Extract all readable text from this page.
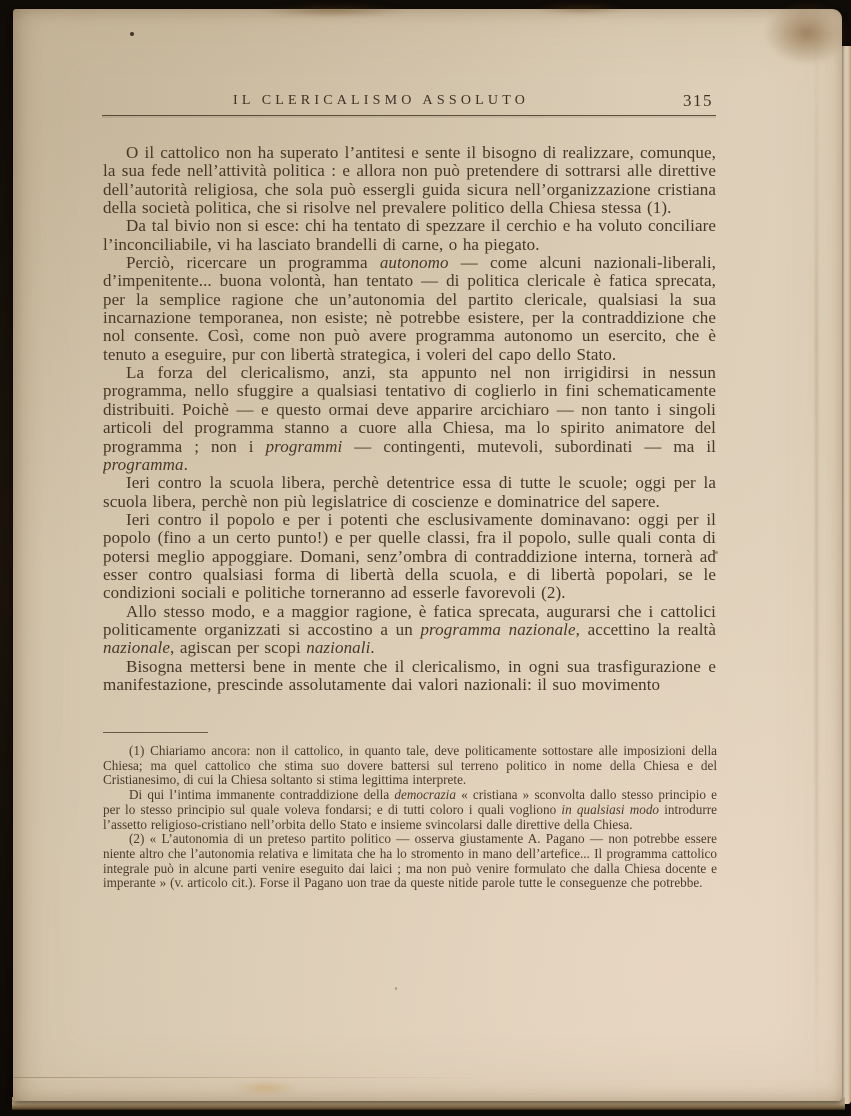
IL CLERICALISMO ASSOLUTO	315

O il cattolico non ha superato l’antitesi e sente il bisogno di realizzare, comunque, la sua fede nell’attività politica : e allora non può pretendere di sottrarsi alle direttive dell’autorità religiosa, che sola può essergli guida sicura nell’organizzazione cristiana della società politica, che si risolve nel prevalere politico della Chiesa stessa (1).

Da tal bivio non si esce: chi ha tentato di spezzare il cerchio e ha voluto conciliare l’inconciliabile, vi ha lasciato brandelli di carne, o ha piegato.

Perciò, ricercare un programma autonomo — come alcuni nazionali-liberali, d’impenitente... buona volontà, han tentato — di politica clericale è fatica sprecata, per la semplice ragione che un’autonomia del partito clericale, qualsiasi la sua incarnazione temporanea, non esiste; nè potrebbe esistere, per la contraddizione che nol consente. Così, come non può avere programma autonomo un esercito, che è tenuto a eseguire, pur con libertà strategica, i voleri del capo dello Stato.

La forza del clericalismo, anzi, sta appunto nel non irrigidirsi in nessun programma, nello sfuggire a qualsiasi tentativo di coglierlo in fini schematicamente distribuiti. Poichè — e questo ormai deve apparire arcichiaro — non tanto i singoli articoli del programma stanno a cuore alla Chiesa, ma lo spirito animatore del programma ; non i programmi — contingenti, mutevoli, subordinati — ma il programma.

Ieri contro la scuola libera, perchè detentrice essa di tutte le scuole; oggi per la scuola libera, perchè non più legislatrice di coscienze e dominatrice del sapere.

Ieri contro il popolo e per i potenti che esclusivamente dominavano: oggi per il popolo (fino a un certo punto!) e per quelle classi, fra il popolo, sulle quali conta di potersi meglio appoggiare. Domani, senz’ombra di contraddizione interna, tornerà ad esser contro qualsiasi forma di libertà della scuola, e di libertà popolari, se le condizioni sociali e politiche torneranno ad esserle favorevoli (2).

Allo stesso modo, e a maggior ragione, è fatica sprecata, augurarsi che i cattolici politicamente organizzati si accostino a un programma nazionale, accettino la realtà nazionale, agiscan per scopi nazionali.

Bisogna mettersi bene in mente che il clericalismo, in ogni sua trasfigurazione e manifestazione, prescinde assolutamente dai valori nazionali: il suo movimento

(1) Chiariamo ancora: non il cattolico, in quanto tale, deve politicamente sottostare alle imposizioni della Chiesa; ma quel cattolico che stima suo dovere battersi sul terreno politico in nome della Chiesa e del Cristianesimo, di cui la Chiesa soltanto si stima legittima interprete.

Di qui l’intima immanente contraddizione della democrazia « cristiana » sconvolta dallo stesso principio e per lo stesso principio sul quale voleva fondarsi; e di tutti coloro i quali vogliono in qualsiasi modo introdurre l’assetto religioso-cristiano nell’orbita dello Stato e insieme svincolarsi dalle direttive della Chiesa.

(2) « L’autonomia di un preteso partito politico — osserva giustamente A. Pagano — non potrebbe essere niente altro che l’autonomia relativa e limitata che ha lo stromento in mano dell’artefice... Il programma cattolico integrale può in alcune parti venire eseguito dai laici ; ma non può venire formulato che dalla Chiesa docente e imperante » (v. articolo cit.). Forse il Pagano uon trae da queste nitide parole tutte le conseguenze che potrebbe.
